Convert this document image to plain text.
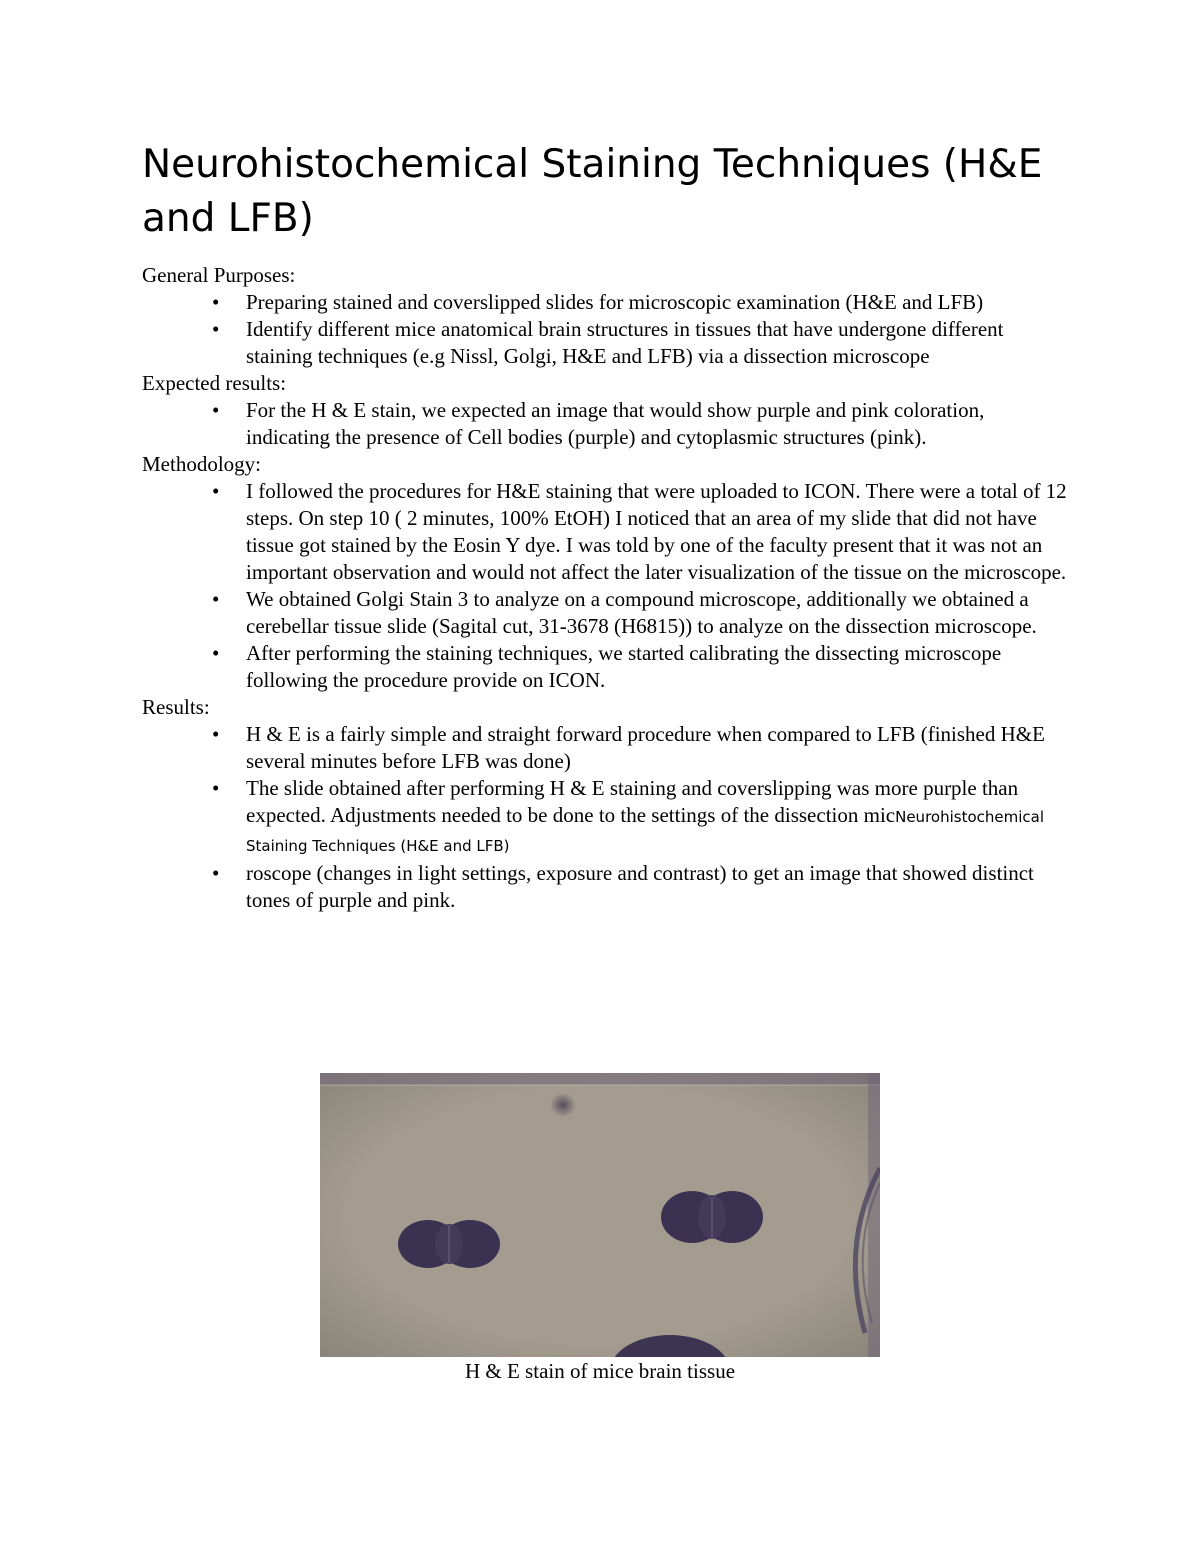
Neurohistochemical Staining Techniques (H&E and LFB)

General Purposes:

• Preparing stained and coverslipped slides for microscopic examination (H&E and LFB)
• Identify different mice anatomical brain structures in tissues that have undergone different staining techniques (e.g Nissl, Golgi, H&E and LFB) via a dissection microscope

Expected results:

• For the H & E stain, we expected an image that would show purple and pink coloration, indicating the presence of Cell bodies (purple) and cytoplasmic structures (pink).

Methodology:

• I followed the procedures for H&E staining that were uploaded to ICON. There were a total of 12 steps. On step 10 ( 2 minutes, 100% EtOH) I noticed that an area of my slide that did not have tissue got stained by the Eosin Y dye. I was told by one of the faculty present that it was not an important observation and would not affect the later visualization of the tissue on the microscope.
• We obtained Golgi Stain 3 to analyze on a compound microscope, additionally we obtained a cerebellar tissue slide (Sagital cut, 31-3678 (H6815)) to analyze on the dissection microscope.
• After performing the staining techniques, we started calibrating the dissecting microscope following the procedure provide on ICON.

Results:

• H & E is a fairly simple and straight forward procedure when compared to LFB (finished H&E several minutes before LFB was done)
• The slide obtained after performing H & E staining and coverslipping was more purple than expected. Adjustments needed to be done to the settings of the dissection micNeurohistochemical Staining Techniques (H&E and LFB)
• roscope (changes in light settings, exposure and contrast) to get an image that showed distinct tones of purple and pink.
H & E stain of mice brain tissue
